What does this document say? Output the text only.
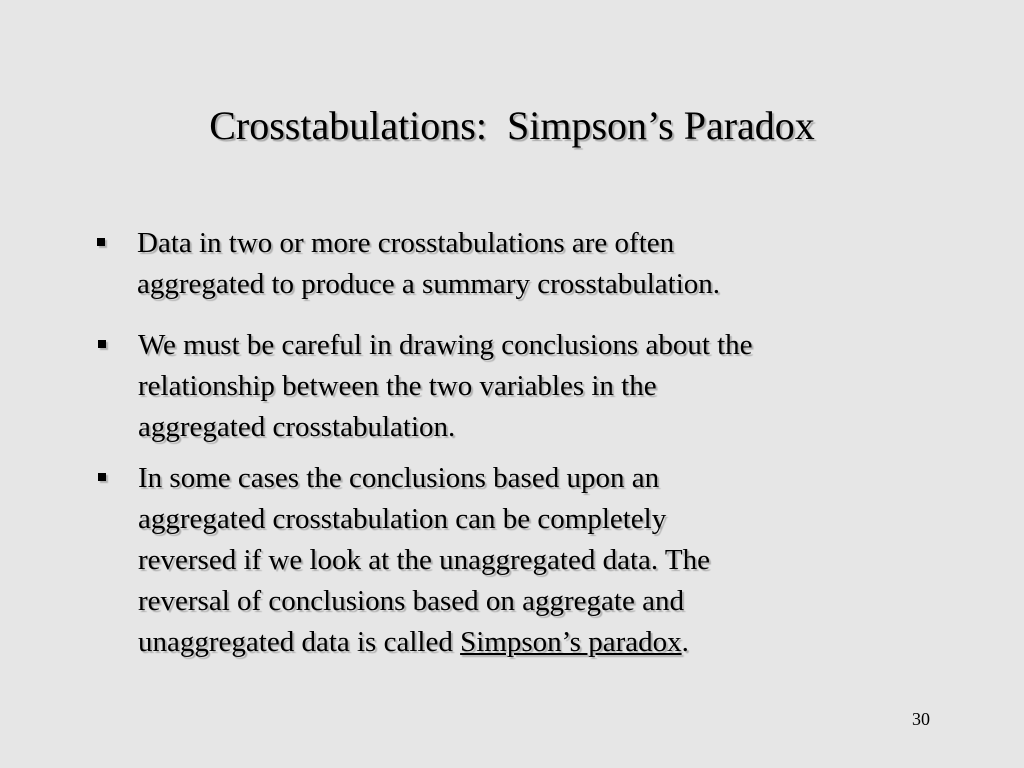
Crosstabulations:  Simpson’s Paradox
Data in two or more crosstabulations are often
aggregated to produce a summary crosstabulation.
We must be careful in drawing conclusions about the
relationship between the two variables in the
aggregated crosstabulation.
In some cases the conclusions based upon an
aggregated crosstabulation can be completely
reversed if we look at the unaggregated data. The
reversal of conclusions based on aggregate and
unaggregated data is called Simpson’s paradox.
30
